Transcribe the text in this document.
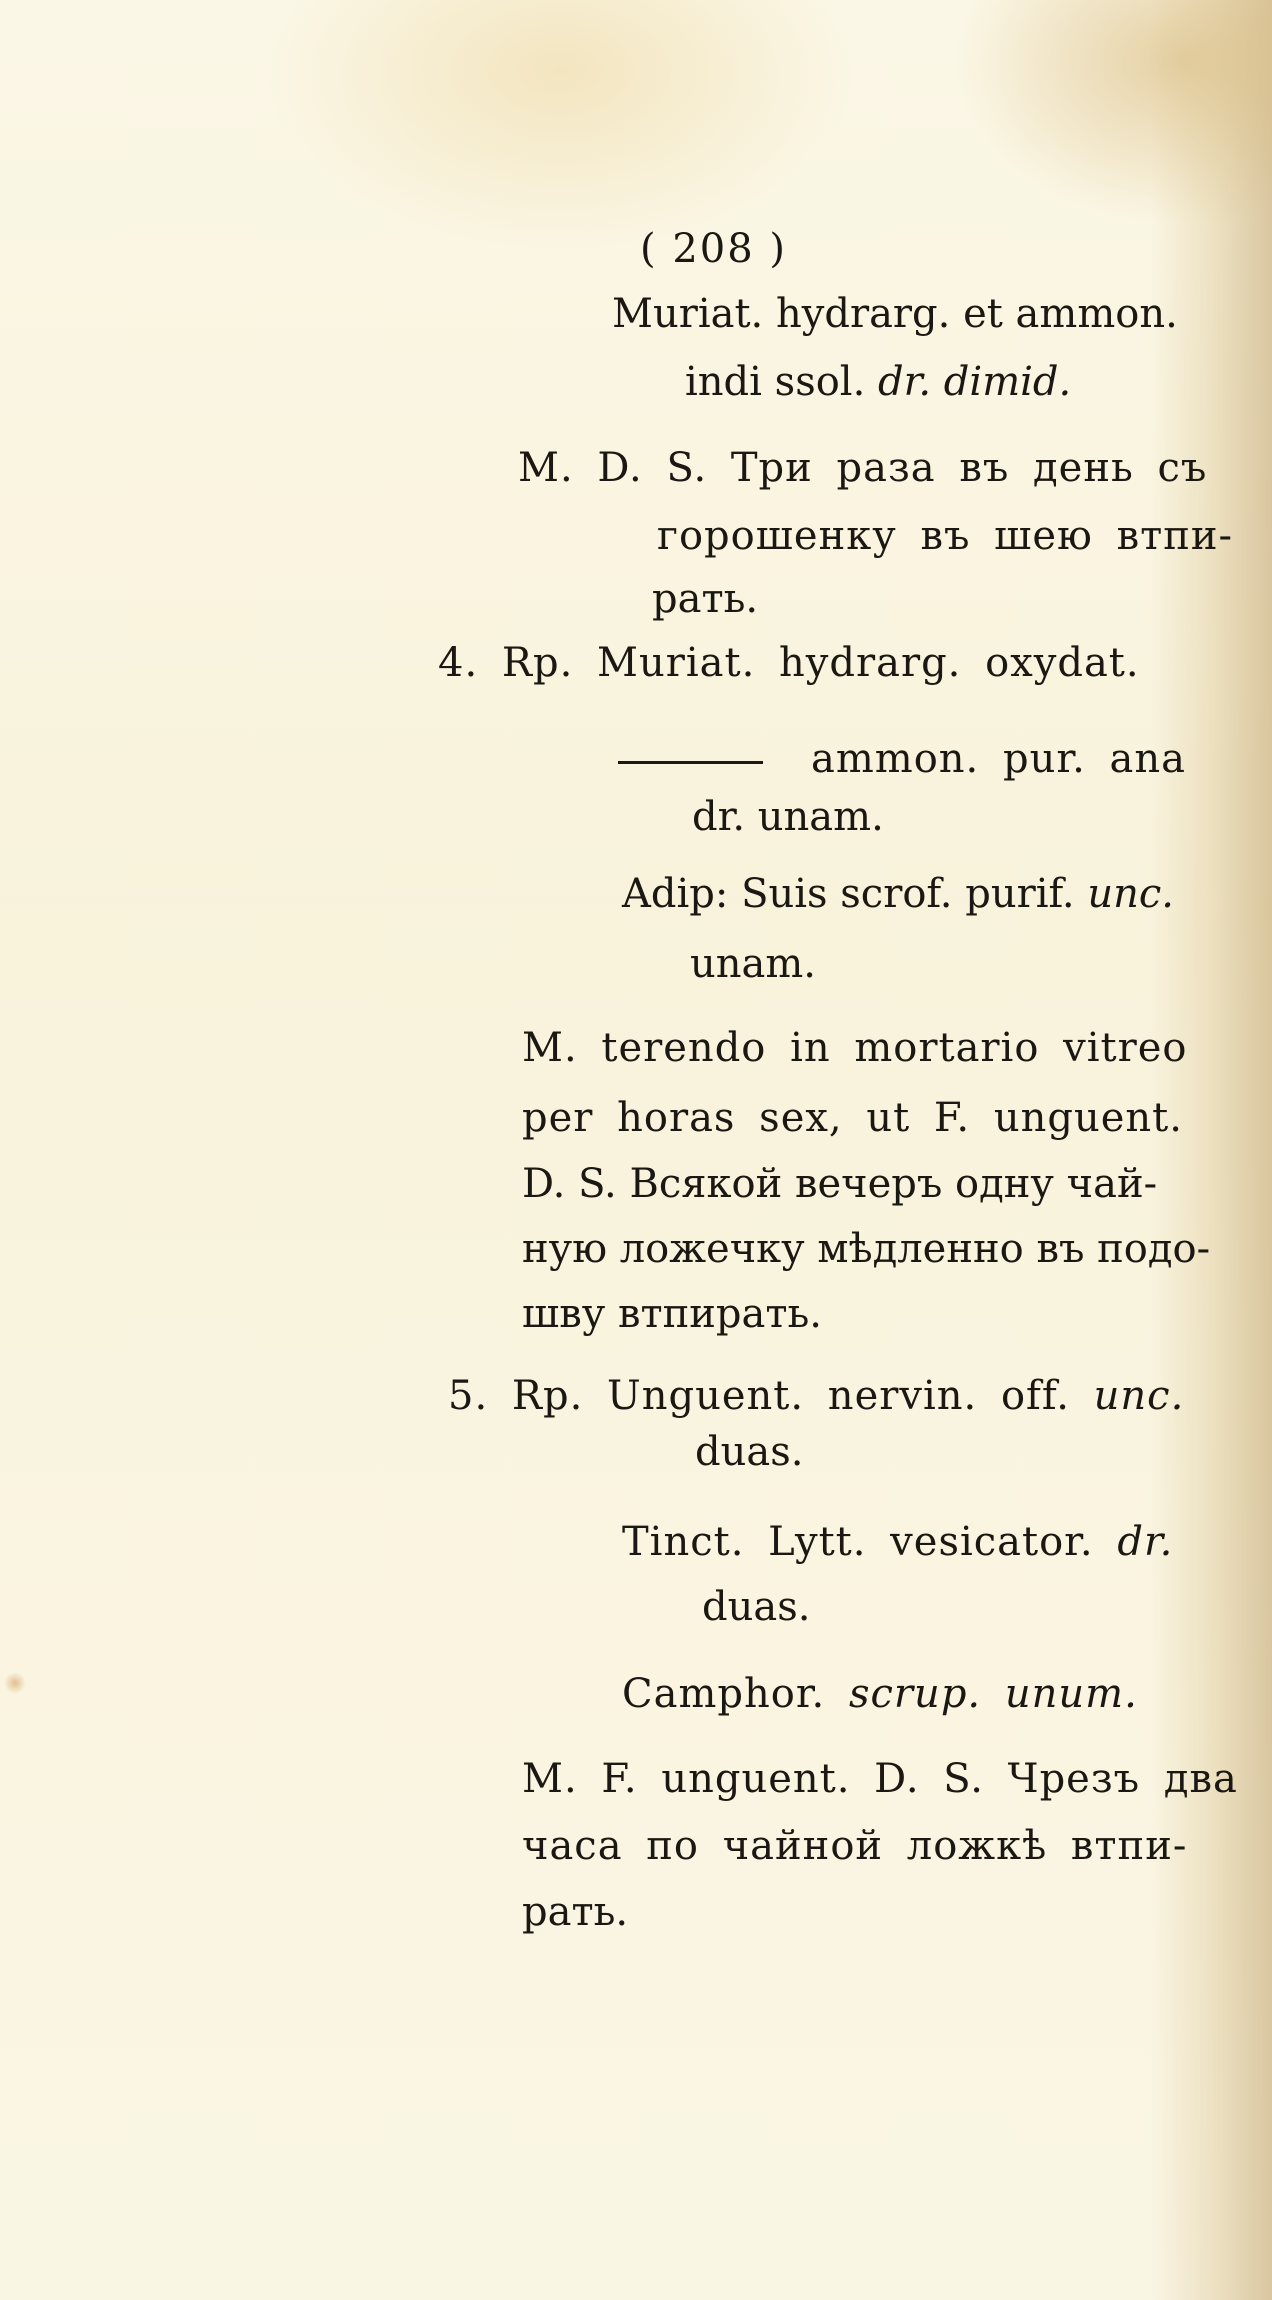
( 208 )
Muriat. hydrarg. et ammon.
indi ssol. dr. dimid.
M. D. S. Три раза въ день съ
горошенку въ шею втпи-
рать.
4. Rp. Muriat. hydrarg. oxydat.
ammon. pur. ana
dr. unam.
Adip: Suis scrof. purif. unc.
unam.
M. terendo in mortario vitreo
per horas sex, ut F. unguent.
D. S. Всякой вечеръ одну чай-
ную ложечку мѣдленно въ подо-
шву втпирать.
5. Rp. Unguent. nervin. off. unc.
duas.
Tinct. Lytt. vesicator. dr.
duas.
Camphor. scrup. unum.
M. F. unguent. D. S. Чрезъ два
часа по чайной ложкѣ втпи-
рать.
